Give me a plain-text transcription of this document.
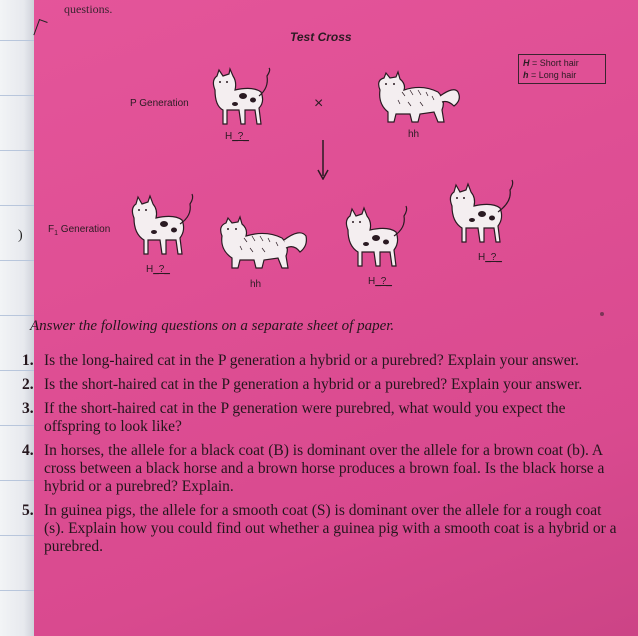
)
questions.
Test Cross
H = Short hair
h = Long hair
P Generation
H_?_
×
hh
$F_1$ Generation
H_?_
hh	H_?_
H_?_
Answer the following questions on a separate sheet of paper.
1. Is the long-haired cat in the P generation a hybrid or a purebred? Explain your answer.
2. Is the short-haired cat in the P generation a hybrid or a purebred? Explain your answer.
3. If the short-haired cat in the P generation were purebred, what would you expect the offspring to look like?
4. In horses, the allele for a black coat (B) is dominant over the allele for a brown coat (b). A cross between a black horse and a brown horse produces a brown foal. Is the black horse a hybrid or a purebred? Explain.
5. In guinea pigs, the allele for a smooth coat (S) is dominant over the allele for a rough coat (s). Explain how you could find out whether a guinea pig with a smooth coat is a hybrid or a purebred.
